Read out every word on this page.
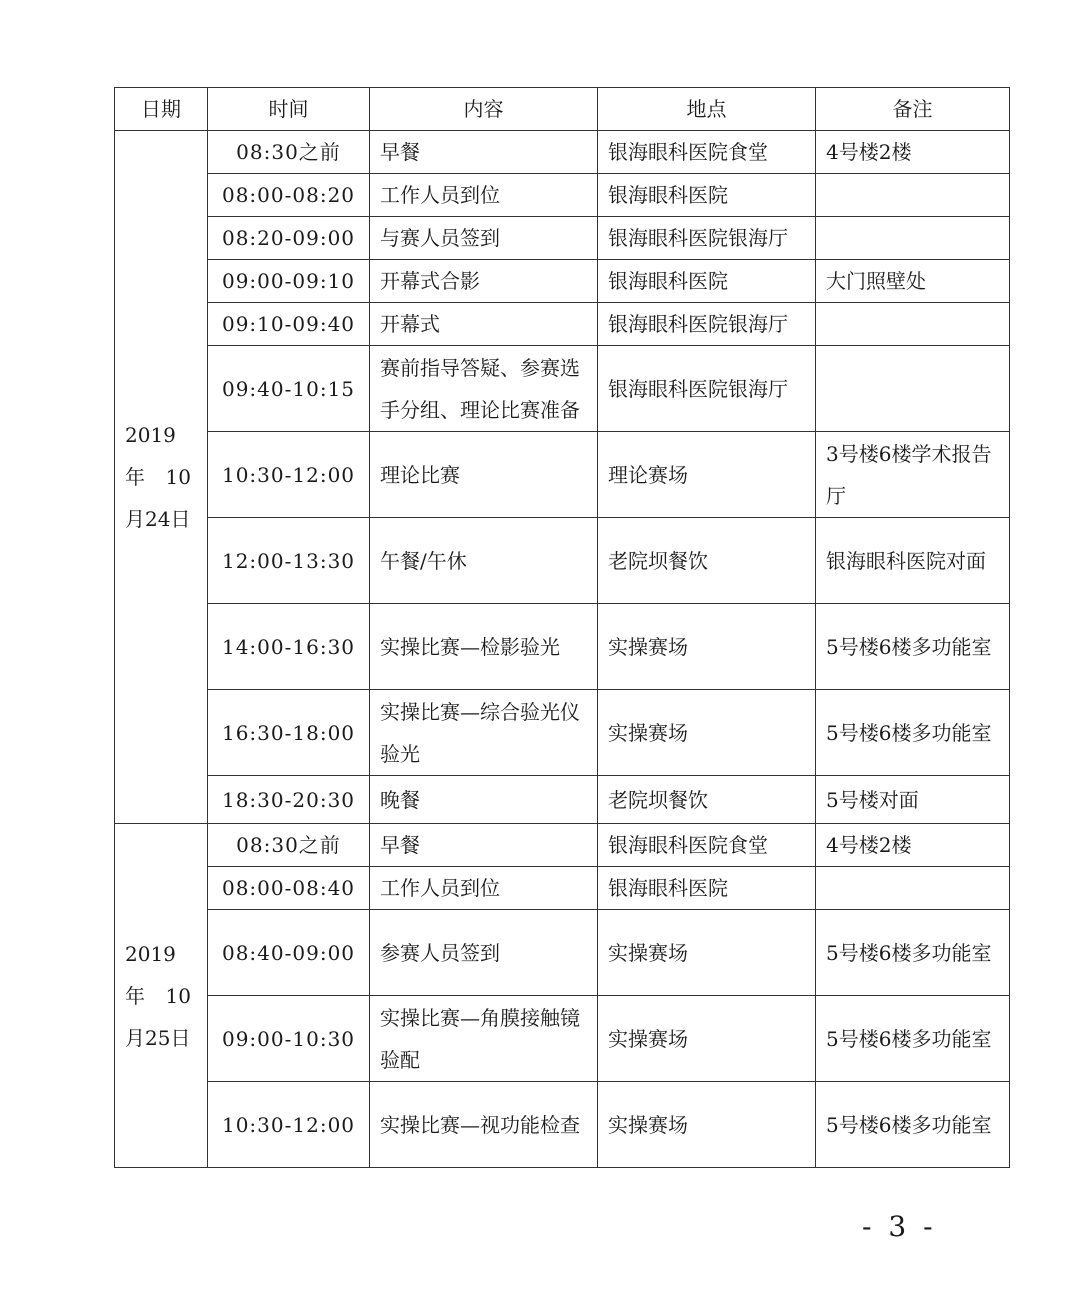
日期	时间	内容	地点	备注

2019
年 10
月24日	08:30之前	早餐	银海眼科医院食堂	4号楼2楼
	08:00-08:20	工作人员到位	银海眼科医院	
	08:20-09:00	与赛人员签到	银海眼科医院银海厅	
	09:00-09:10	开幕式合影	银海眼科医院	大门照壁处
	09:10-09:40	开幕式	银海眼科医院银海厅	
	09:40-10:15	赛前指导答疑、参赛选手分组、理论比赛准备	银海眼科医院银海厅	
	10:30-12:00	理论比赛	理论赛场	3号楼6楼学术报告厅
	12:00-13:30	午餐/午休	老院坝餐饮	银海眼科医院对面
	14:00-16:30	实操比赛—检影验光	实操赛场	5号楼6楼多功能室
	16:30-18:00	实操比赛—综合验光仪验光	实操赛场	5号楼6楼多功能室
	18:30-20:30	晚餐	老院坝餐饮	5号楼对面

2019
年 10
月25日	08:30之前	早餐	银海眼科医院食堂	4号楼2楼
	08:00-08:40	工作人员到位	银海眼科医院	
	08:40-09:00	参赛人员签到	实操赛场	5号楼6楼多功能室
	09:00-10:30	实操比赛—角膜接触镜验配	实操赛场	5号楼6楼多功能室
	10:30-12:00	实操比赛—视功能检查	实操赛场	5号楼6楼多功能室
- 3 -
